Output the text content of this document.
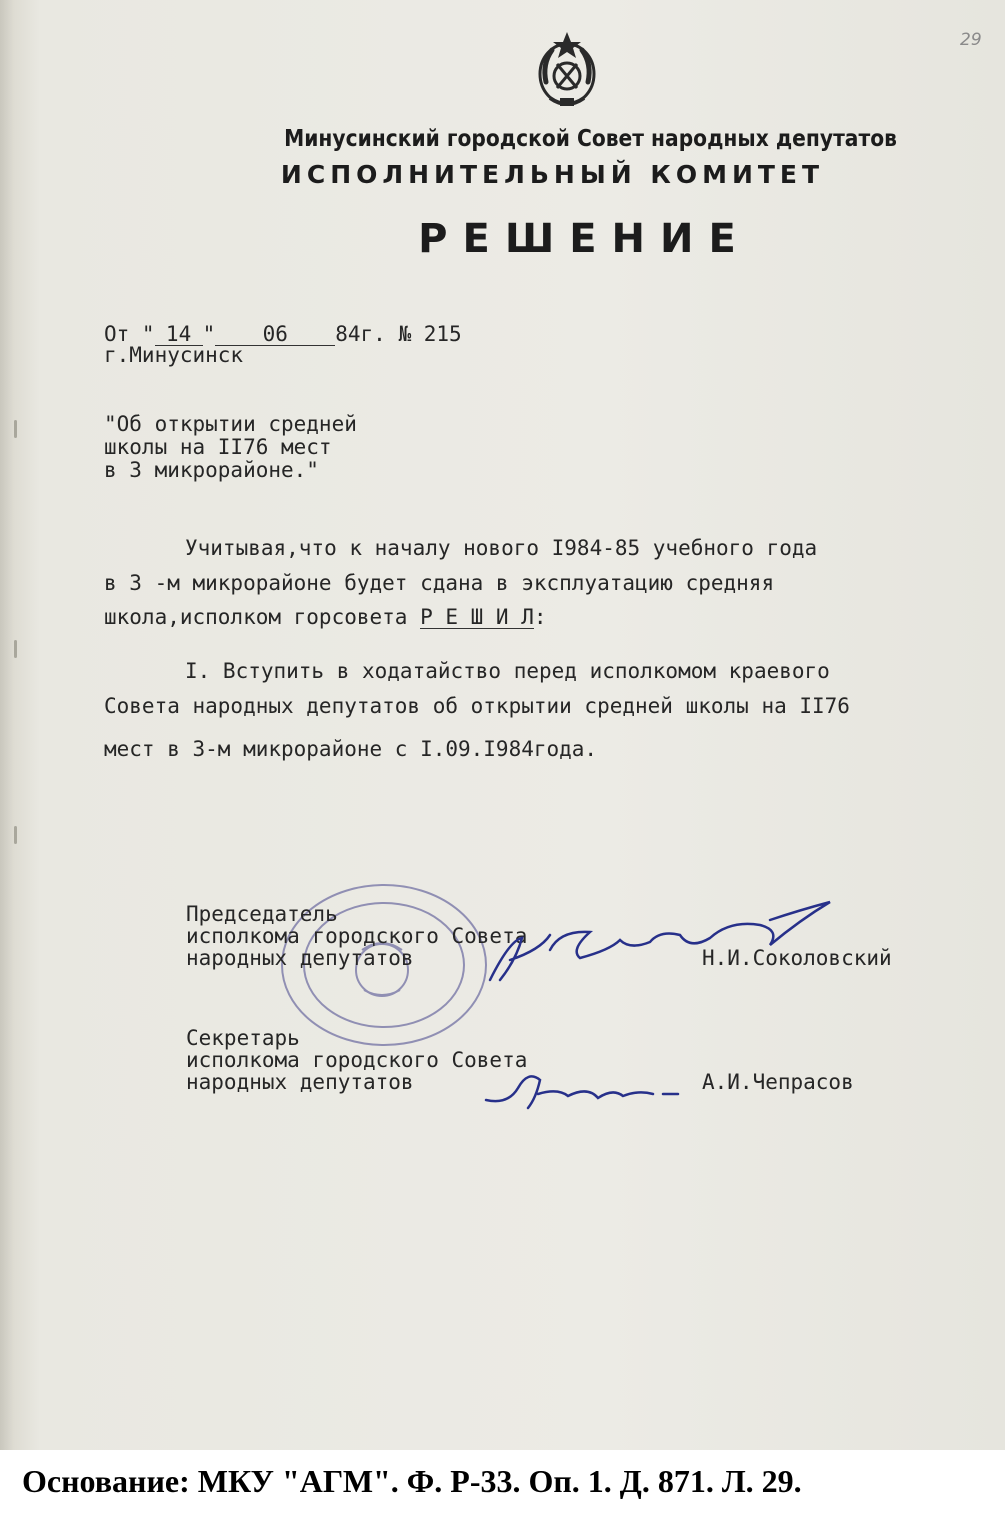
29
Минусинский городской Совет народных депутатов
ИСПОЛНИТЕЛЬНЫЙ КОМИТЕТ
РЕШЕНИЕ
От " 14 " 06 84г. № 215
г.Минусинск
"Об открытии средней
школы на II76 мест
в 3 микрорайоне."
Учитывая,что к началу нового I984-85 учебного года
в 3 -м микрорайоне будет сдана в эксплуатацию средняя
школа,исполком горсовета Р Е Ш И Л:
I. Вступить в ходатайство перед исполкомом краевого
Совета народных депутатов об открытии средней школы на II76
мест в 3-м микрорайоне с I.09.I984года.
Председатель
исполкома городского Совета
народных депутатов	Н.И.Соколовский
Секретарь
исполкома городского Совета
народных депутатов	А.И.Чепрасов
Основание: МКУ "АГМ". Ф. Р-33. Оп. 1. Д. 871. Л. 29.
